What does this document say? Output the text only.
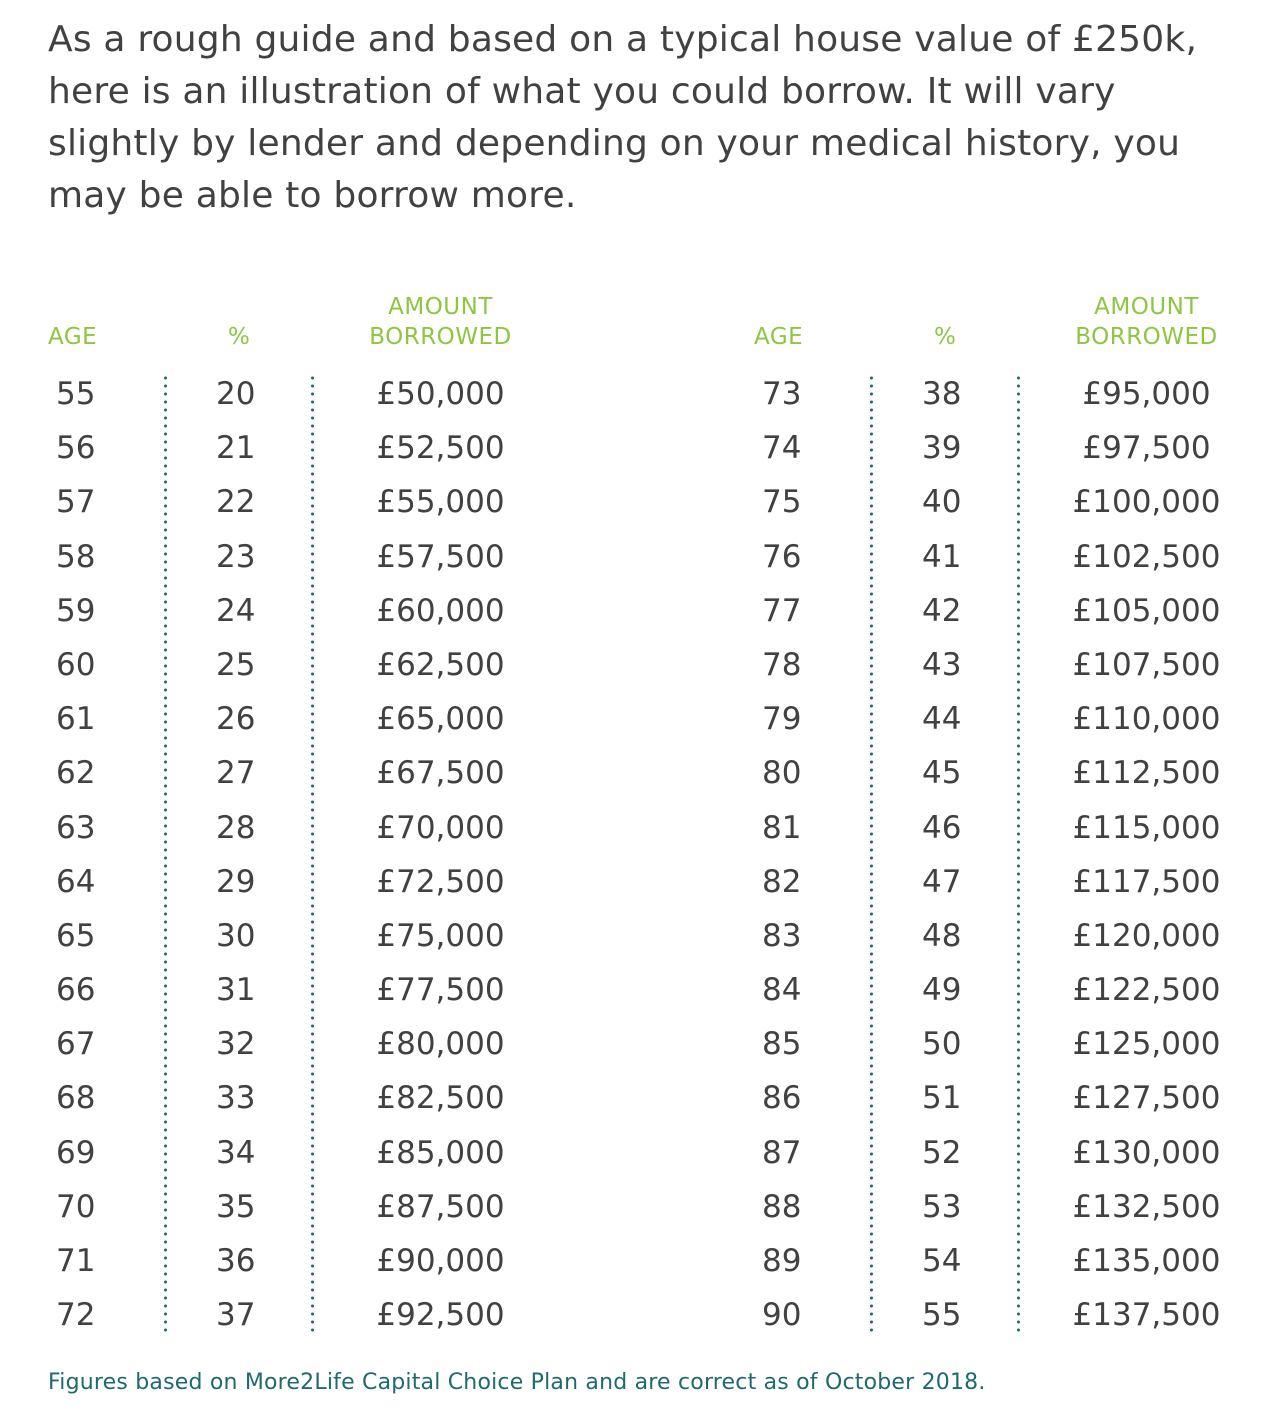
As a rough guide and based on a typical house value of £250k, here is an illustration of what you could borrow. It will vary slightly by lender and depending on your medical history, you may be able to borrow more.

AGE	%
AMOUNT
BORROWED
55	20	£50,000
56	21	£52,500
57	22	£55,000
58	23	£57,500
59	24	£60,000
60	25	£62,500
61	26	£65,000
62	27	£67,500
63	28	£70,000
64	29	£72,500
65	30	£75,000
66	31	£77,500
67	32	£80,000
68	33	£82,500
69	34	£85,000
70	35	£87,500
71	36	£90,000
72	37	£92,500
AGE	%
AMOUNT
BORROWED
73	38	£95,000
74	39	£97,500
75	40	£100,000
76	41	£102,500
77	42	£105,000
78	43	£107,500
79	44	£110,000
80	45	£112,500
81	46	£115,000
82	47	£117,500
83	48	£120,000
84	49	£122,500
85	50	£125,000
86	51	£127,500
87	52	£130,000
88	53	£132,500
89	54	£135,000
90	55	£137,500

Figures based on More2Life Capital Choice Plan and are correct as of October 2018.
